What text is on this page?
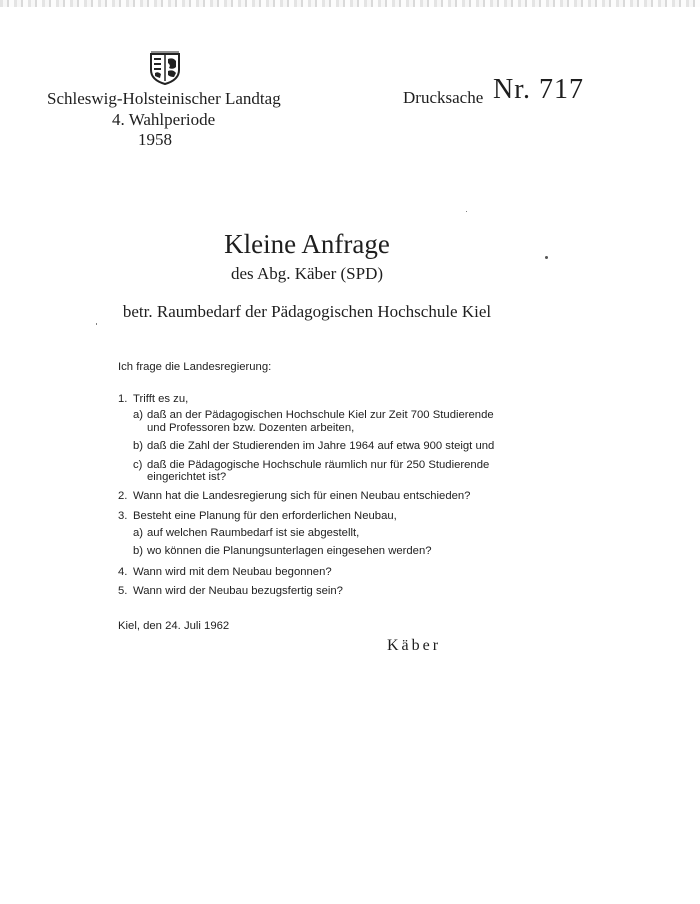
Schleswig-Holsteinischer Landtag
4. Wahlperiode
1958
Drucksache Nr. 717
Kleine Anfrage
des Abg. Käber (SPD)
betr. Raumbedarf der Pädagogischen Hochschule Kiel
Ich frage die Landesregierung:
1. Trifft es zu,
a) daß an der Pädagogischen Hochschule Kiel zur Zeit 700 Studierende
und Professoren bzw. Dozenten arbeiten,
b) daß die Zahl der Studierenden im Jahre 1964 auf etwa 900 steigt und
c) daß die Pädagogische Hochschule räumlich nur für 250 Studierende
eingerichtet ist?
2. Wann hat die Landesregierung sich für einen Neubau entschieden?
3. Besteht eine Planung für den erforderlichen Neubau,
a) auf welchen Raumbedarf ist sie abgestellt,
b) wo können die Planungsunterlagen eingesehen werden?
4. Wann wird mit dem Neubau begonnen?
5. Wann wird der Neubau bezugsfertig sein?
Kiel, den 24. Juli 1962
Käber
